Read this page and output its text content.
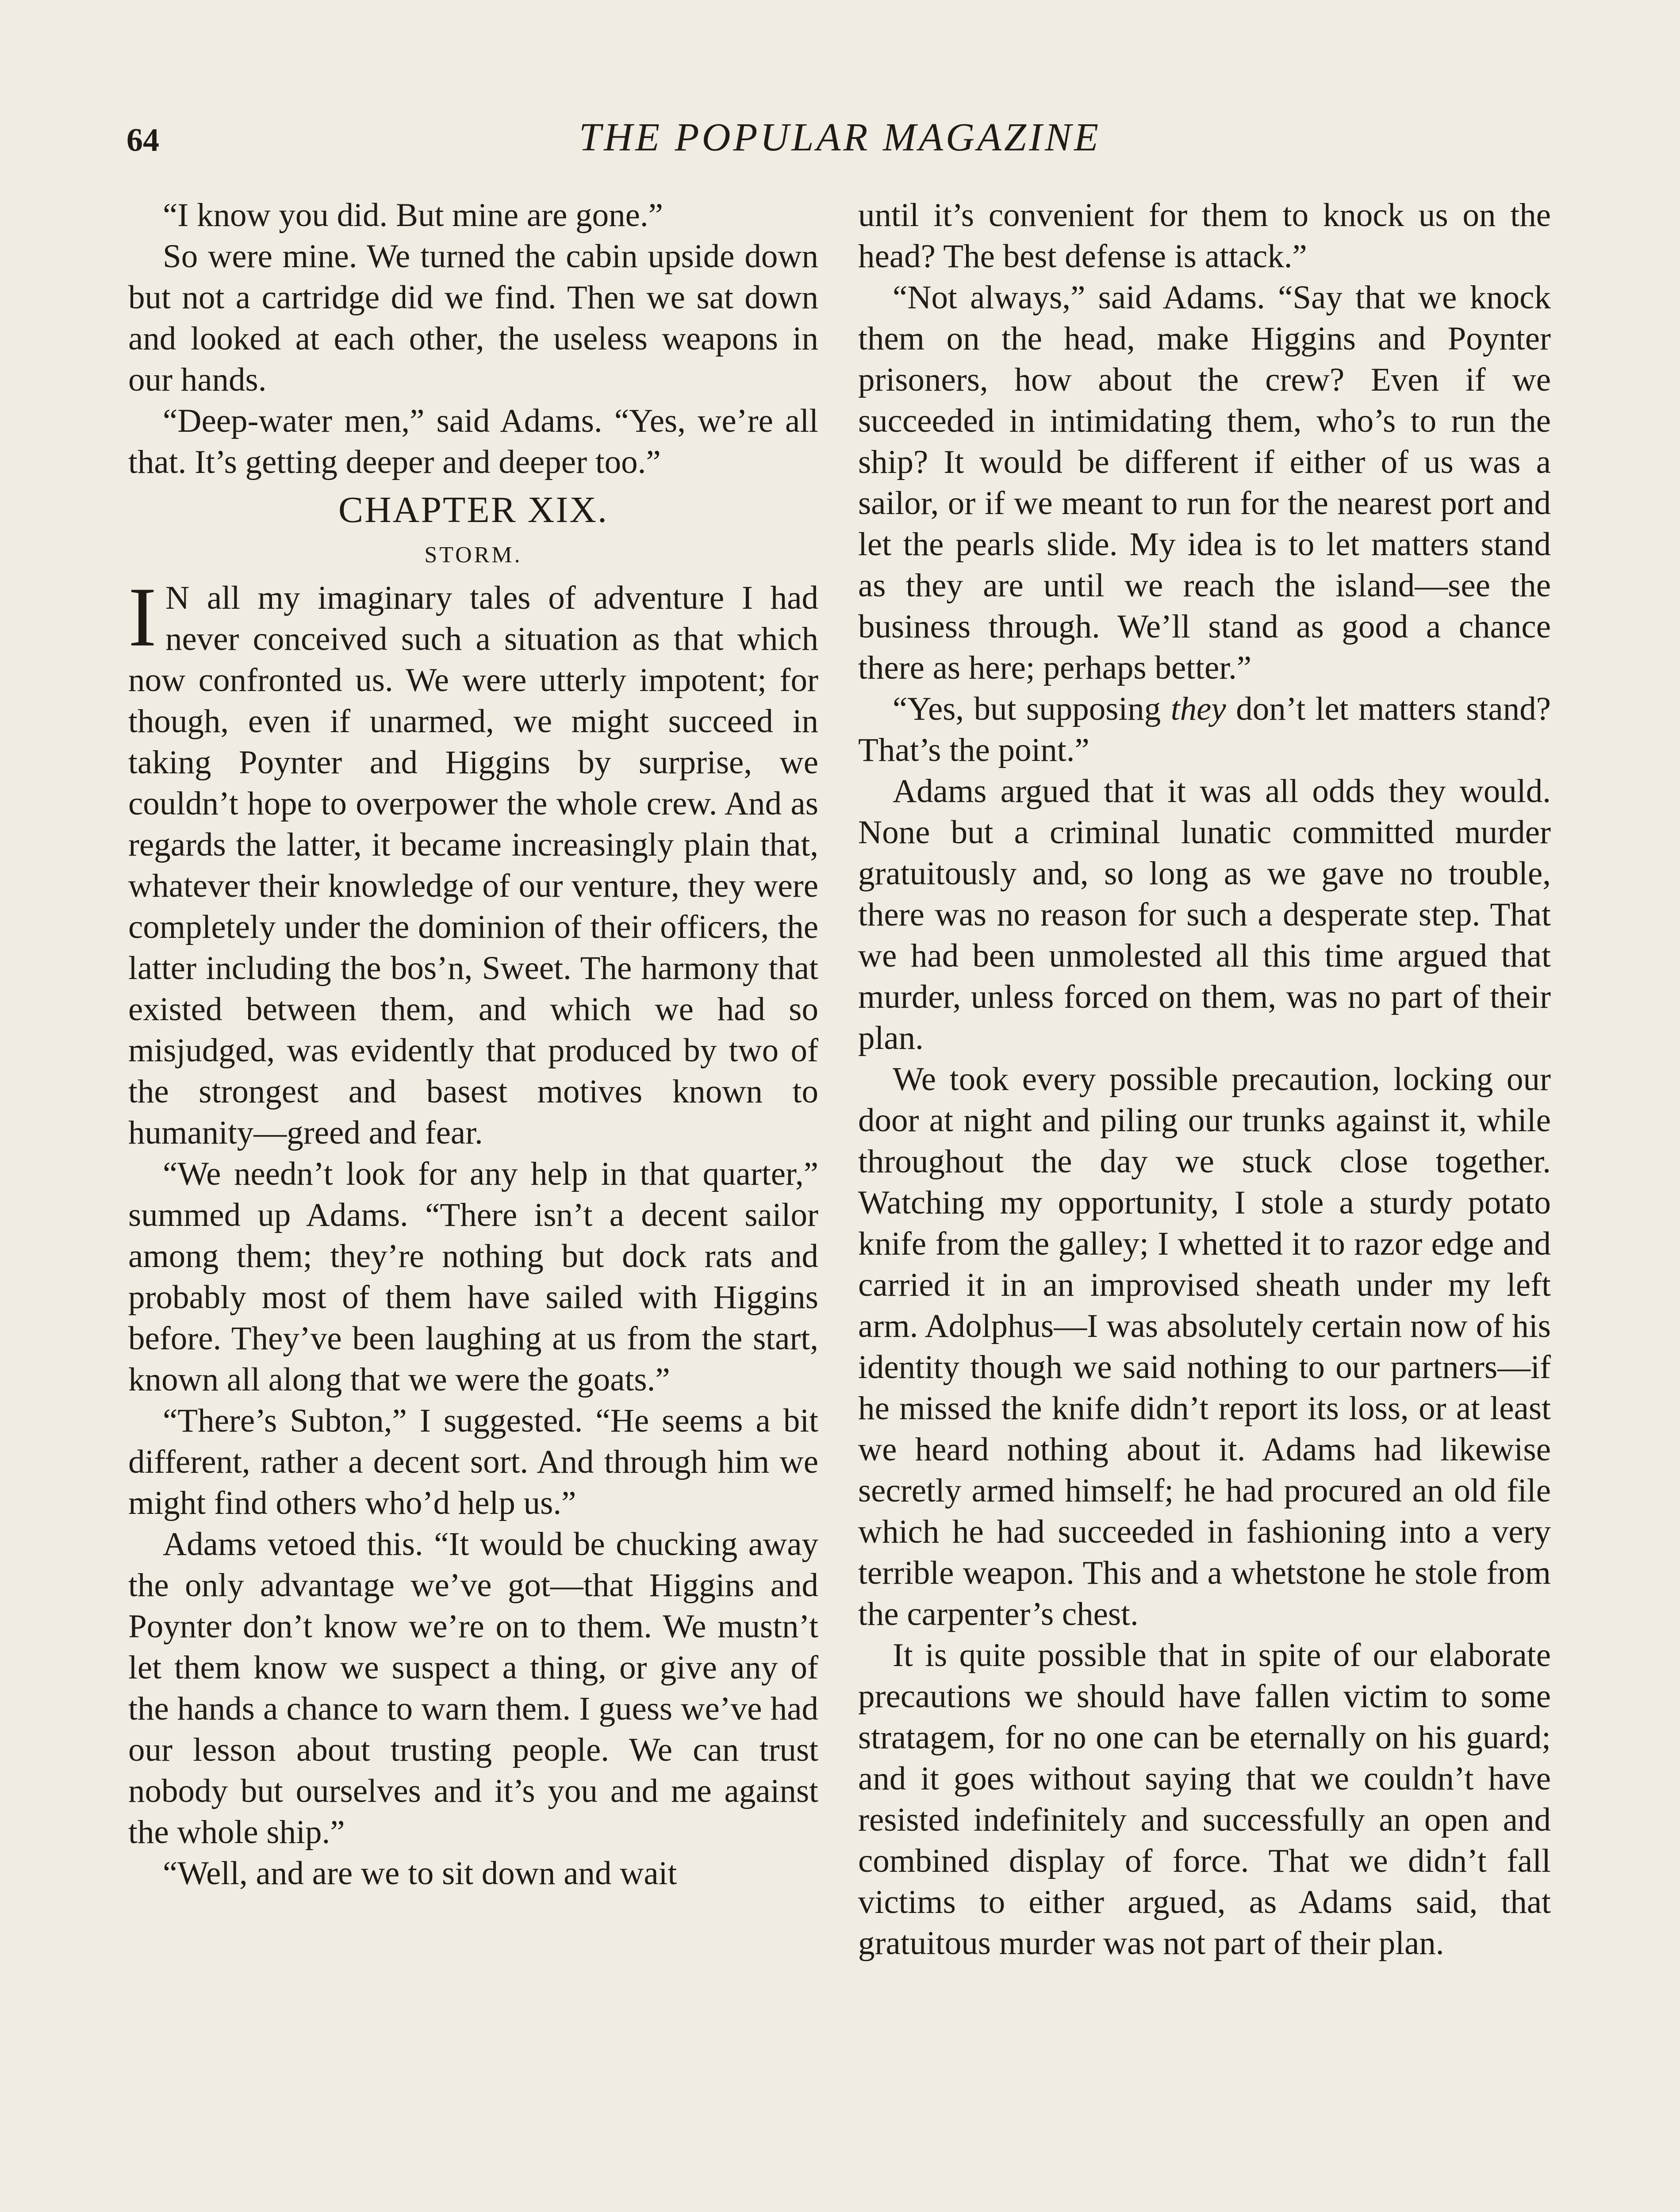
64	THE POPULAR MAGAZINE

“I know you did. But mine are gone.”

So were mine. We turned the cabin upside down but not a cartridge did we find. Then we sat down and looked at each other, the useless weapons in our hands.

“Deep-water men,” said Adams. “Yes, we’re all that. It’s getting deeper and deeper too.”

CHAPTER XIX.
STORM.

I N all my imaginary tales of adventure I had never conceived such a situation as that which now confronted us. We were utterly impotent; for though, even if unarmed, we might succeed in taking Poynter and Higgins by surprise, we couldn’t hope to overpower the whole crew. And as regards the latter, it became increasingly plain that, whatever their knowledge of our venture, they were completely under the dominion of their officers, the latter including the bos’n, Sweet. The harmony that existed between them, and which we had so misjudged, was evidently that produced by two of the strongest and basest motives known to humanity—greed and fear.

“We needn’t look for any help in that quarter,” summed up Adams. “There isn’t a decent sailor among them; they’re nothing but dock rats and probably most of them have sailed with Higgins before. They’ve been laughing at us from the start, known all along that we were the goats.”

“There’s Subton,” I suggested. “He seems a bit different, rather a decent sort. And through him we might find others who’d help us.”

Adams vetoed this. “It would be chucking away the only advantage we’ve got—that Higgins and Poynter don’t know we’re on to them. We mustn’t let them know we suspect a thing, or give any of the hands a chance to warn them. I guess we’ve had our lesson about trusting people. We can trust nobody but ourselves and it’s you and me against the whole ship.”

“Well, and are we to sit down and wait

until it’s convenient for them to knock us on the head? The best defense is attack.”

“Not always,” said Adams. “Say that we knock them on the head, make Higgins and Poynter prisoners, how about the crew? Even if we succeeded in intimidating them, who’s to run the ship? It would be different if either of us was a sailor, or if we meant to run for the nearest port and let the pearls slide. My idea is to let matters stand as they are until we reach the island—see the business through. We’ll stand as good a chance there as here; perhaps better.”

“Yes, but supposing they don’t let matters stand? That’s the point.”

Adams argued that it was all odds they would. None but a criminal lunatic committed murder gratuitously and, so long as we gave no trouble, there was no reason for such a desperate step. That we had been unmolested all this time argued that murder, unless forced on them, was no part of their plan.

We took every possible precaution, locking our door at night and piling our trunks against it, while throughout the day we stuck close together. Watching my opportunity, I stole a sturdy potato knife from the galley; I whetted it to razor edge and carried it in an improvised sheath under my left arm. Adolphus—I was absolutely certain now of his identity though we said nothing to our partners—if he missed the knife didn’t report its loss, or at least we heard nothing about it. Adams had likewise secretly armed himself; he had procured an old file which he had succeeded in fashioning into a very terrible weapon. This and a whetstone he stole from the carpenter’s chest.

It is quite possible that in spite of our elaborate precautions we should have fallen victim to some stratagem, for no one can be eternally on his guard; and it goes without saying that we couldn’t have resisted indefinitely and successfully an open and combined display of force. That we didn’t fall victims to either argued, as Adams said, that gratuitous murder was not part of their plan.
